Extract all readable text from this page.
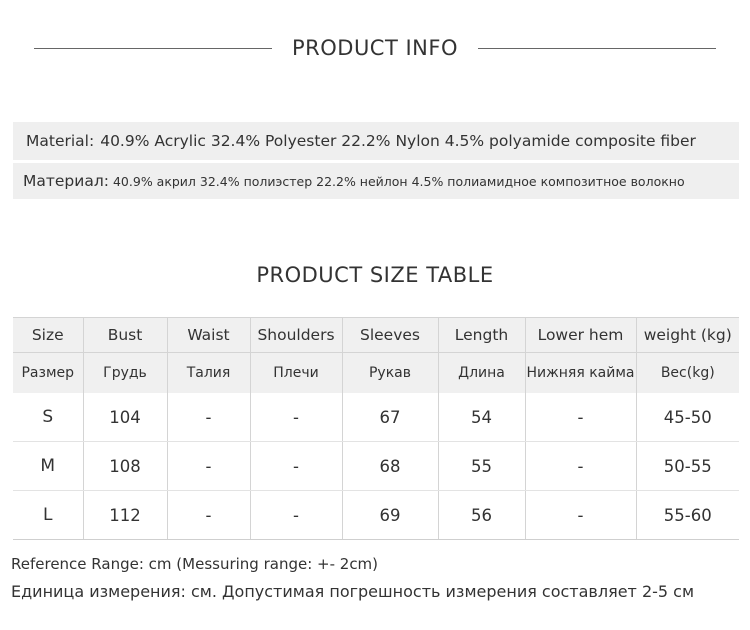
PRODUCT INFO
Material: 40.9% Acrylic 32.4% Polyester 22.2% Nylon 4.5% polyamide composite fiber
Материал: 40.9% акрил 32.4% полиэстер 22.2% нейлон 4.5% полиамидное композитное волокно
PRODUCT SIZE TABLE
Size	Bust	Waist	Shoulders	Sleeves	Length	Lower hem	weight (kg)
Размер	Грудь	Талия	Плечи	Рукав	Длина	Нижняя кайма	Вес(kg)
S	104	-	-	67	54	-	45-50
M	108	-	-	68	55	-	50-55
L	112	-	-	69	56	-	55-60
Reference Range: cm (Messuring range: +- 2cm)
Единица измерения: см. Допустимая погрешность измерения составляет 2-5 см
